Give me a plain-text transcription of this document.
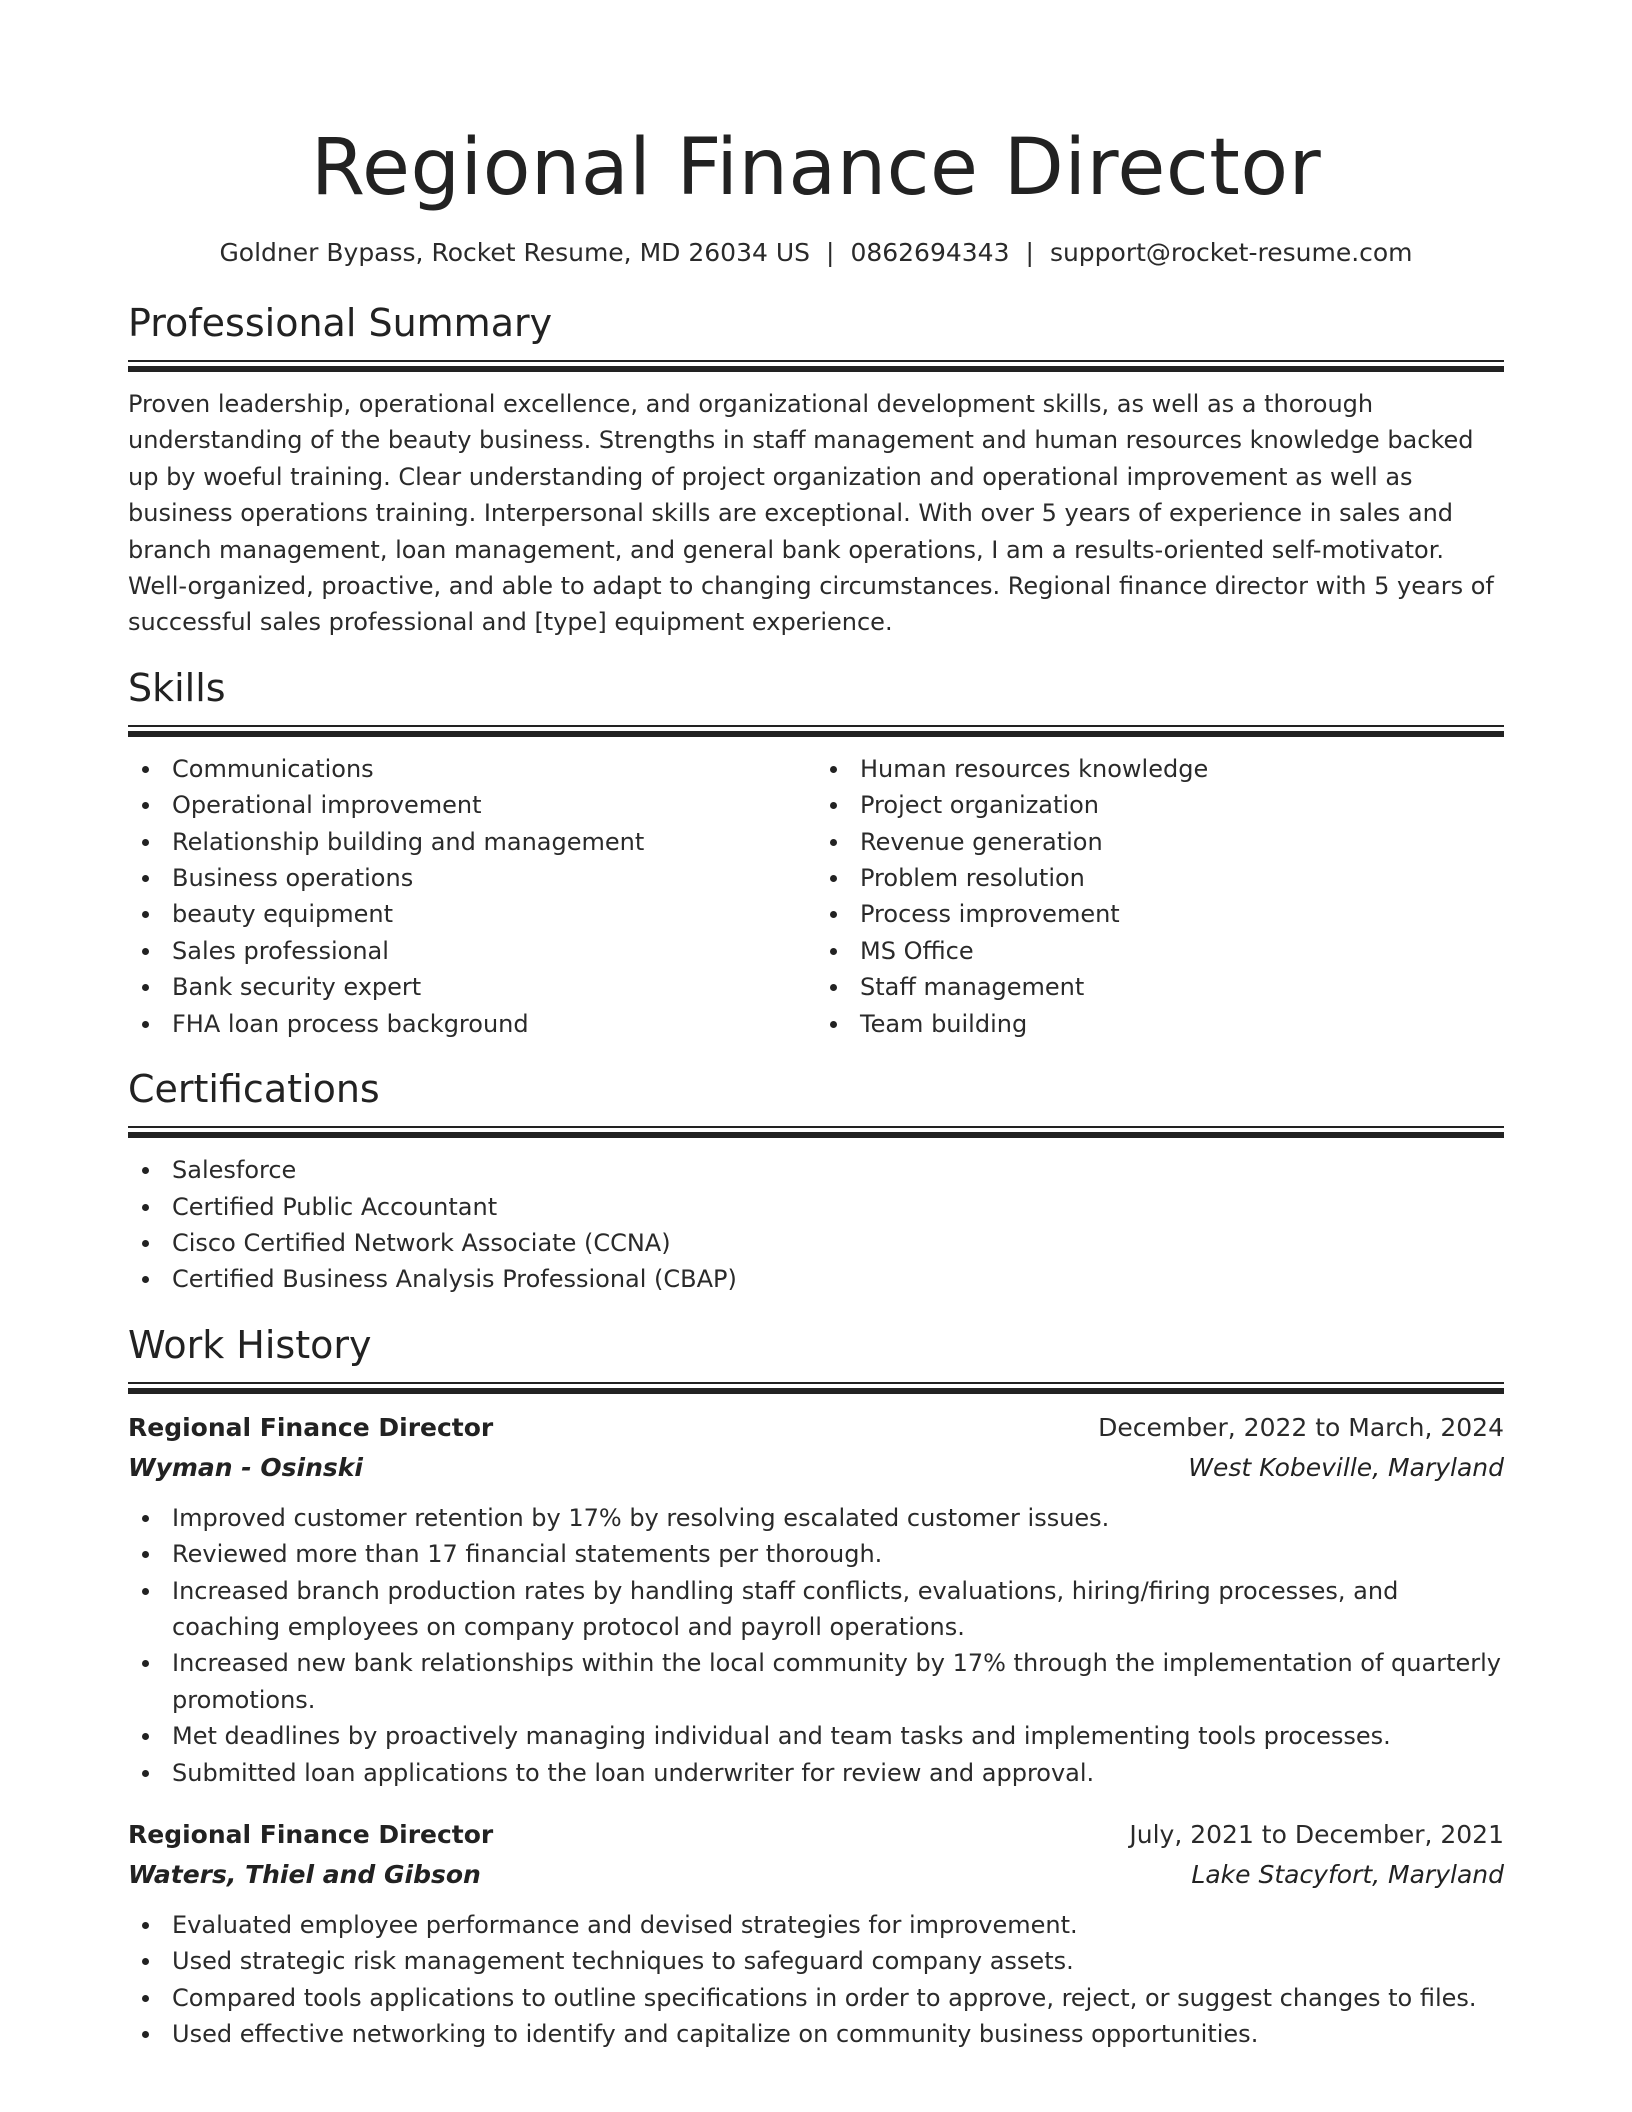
Regional Finance Director
Goldner Bypass, Rocket Resume, MD 26034 US | 0862694343 | support@rocket-resume.com
Professional Summary

Proven leadership, operational excellence, and organizational development skills, as well as a thorough understanding of the beauty business. Strengths in staff management and human resources knowledge backed up by woeful training. Clear understanding of project organization and operational improvement as well as business operations training. Interpersonal skills are exceptional. With over 5 years of experience in sales and branch management, loan management, and general bank operations, I am a results-oriented self-motivator. Well-organized, proactive, and able to adapt to changing circumstances. Regional finance director with 5 years of successful sales professional and [type] equipment experience.

Skills
Communications
Operational improvement
Relationship building and management
Business operations
beauty equipment
Sales professional
Bank security expert
FHA loan process background
Human resources knowledge
Project organization
Revenue generation
Problem resolution
Process improvement
MS Office
Staff management
Team building
Certifications
Salesforce
Certified Public Accountant
Cisco Certified Network Associate (CCNA)
Certified Business Analysis Professional (CBAP)
Work History
Regional Finance Director	December, 2022 to March, 2024
Wyman - Osinski	West Kobeville, Maryland
Improved customer retention by 17% by resolving escalated customer issues.
Reviewed more than 17 financial statements per thorough.
Increased branch production rates by handling staff conflicts, evaluations, hiring/firing processes, and coaching employees on company protocol and payroll operations.
Increased new bank relationships within the local community by 17% through the implementation of quarterly promotions.
Met deadlines by proactively managing individual and team tasks and implementing tools processes.
Submitted loan applications to the loan underwriter for review and approval.
Regional Finance Director	July, 2021 to December, 2021
Waters, Thiel and Gibson	Lake Stacyfort, Maryland
Evaluated employee performance and devised strategies for improvement.
Used strategic risk management techniques to safeguard company assets.
Compared tools applications to outline specifications in order to approve, reject, or suggest changes to files.
Used effective networking to identify and capitalize on community business opportunities.
